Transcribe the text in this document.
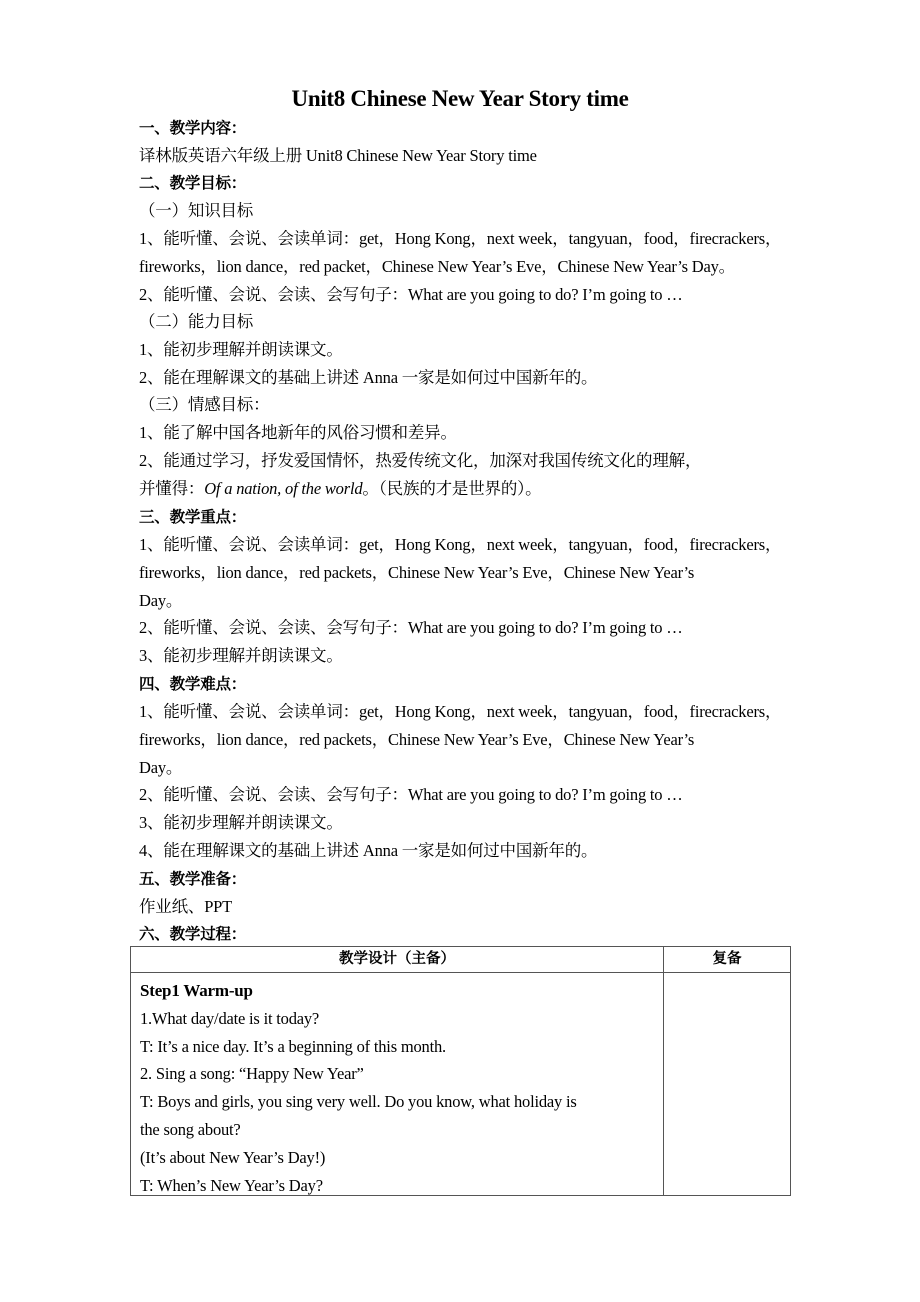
Unit8 Chinese New Year Story time
一、教学内容：
译林版英语六年级上册 Unit8 Chinese New Year Story time
二、教学目标：
（一）知识目标
1、能听懂、会说、会读单词：get，Hong Kong，next week，tangyuan，food，firecrackers，
fireworks，lion dance，red packet，Chinese New Year’s Eve，Chinese New Year’s Day。
2、能听懂、会说、会读、会写句子：What are you going to do? I’m going to …
（二）能力目标
1、能初步理解并朗读课文。
2、能在理解课文的基础上讲述 Anna 一家是如何过中国新年的。
（三）情感目标：
1、能了解中国各地新年的风俗习惯和差异。
2、能通过学习，抒发爱国情怀，热爱传统文化，加深对我国传统文化的理解，
并懂得：Of a nation, of the world。（民族的才是世界的）。
三、教学重点：
1、能听懂、会说、会读单词：get，Hong Kong，next week，tangyuan，food，firecrackers，
fireworks，lion dance，red packets，Chinese New Year’s Eve，Chinese New Year’s
Day。
2、能听懂、会说、会读、会写句子：What are you going to do? I’m going to …
3、能初步理解并朗读课文。
四、教学难点：
1、能听懂、会说、会读单词：get，Hong Kong，next week，tangyuan，food，firecrackers，
fireworks，lion dance，red packets，Chinese New Year’s Eve，Chinese New Year’s
Day。
2、能听懂、会说、会读、会写句子：What are you going to do? I’m going to …
3、能初步理解并朗读课文。
4、能在理解课文的基础上讲述 Anna 一家是如何过中国新年的。
五、教学准备：
作业纸、PPT
六、教学过程：
教学设计（主备）	复备

Step1 Warm-up
1.What day/date is it today?
T: It’s a nice day. It’s a beginning of this month.
2. Sing a song: “Happy New Year”
T: Boys and girls, you sing very well. Do you know, what holiday is
the song about?
(It’s about New Year’s Day!)
T: When’s New Year’s Day?
